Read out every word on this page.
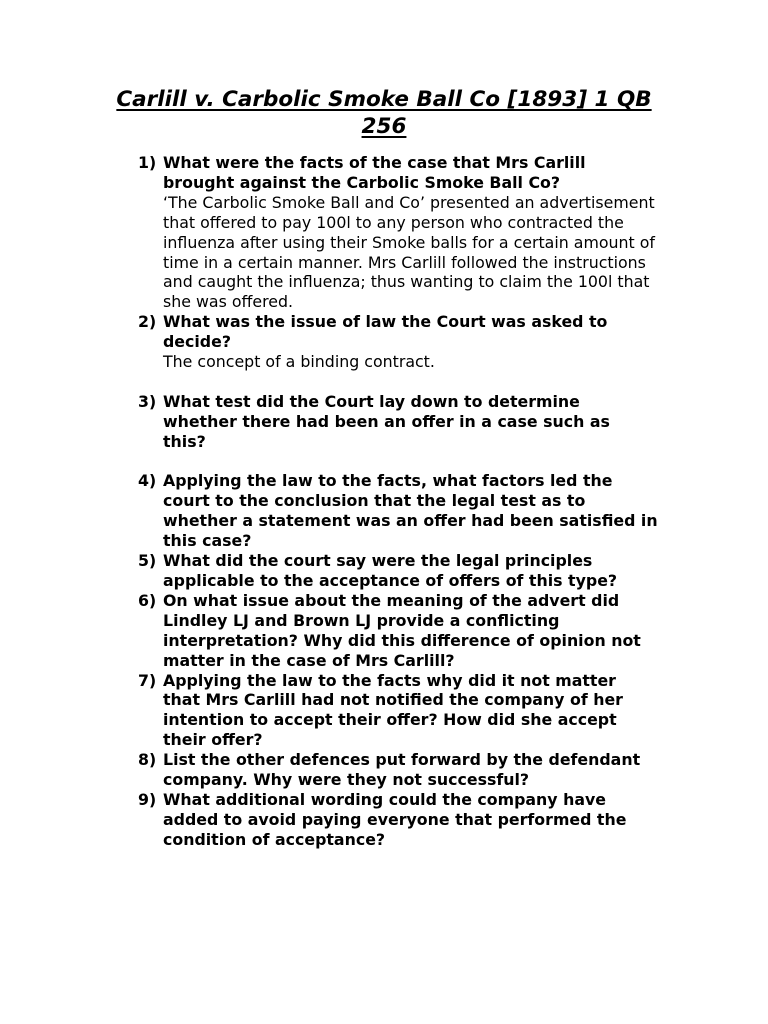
Carlill v. Carbolic Smoke Ball Co [1893] 1 QB 256
1) What were the facts of the case that Mrs Carlill brought against the Carbolic Smoke Ball Co?
‘The Carbolic Smoke Ball and Co’ presented an advertisement that offered to pay 100l to any person who contracted the influenza after using their Smoke balls for a certain amount of time in a certain manner. Mrs Carlill followed the instructions and caught the influenza; thus wanting to claim the 100l that she was offered.
2) What was the issue of law the Court was asked to decide?
The concept of a binding contract.
3) What test did the Court lay down to determine whether there had been an offer in a case such as this?
4) Applying the law to the facts, what factors led the court to the conclusion that the legal test as to whether a statement was an offer had been satisfied in this case?
5) What did the court say were the legal principles applicable to the acceptance of offers of this type?
6) On what issue about the meaning of the advert did Lindley LJ and Brown LJ provide a conflicting interpretation? Why did this difference of opinion not matter in the case of Mrs Carlill?
7) Applying the law to the facts why did it not matter that Mrs Carlill had not notified the company of her intention to accept their offer? How did she accept their offer?
8) List the other defences put forward by the defendant company. Why were they not successful?
9) What additional wording could the company have added to avoid paying everyone that performed the condition of acceptance?
